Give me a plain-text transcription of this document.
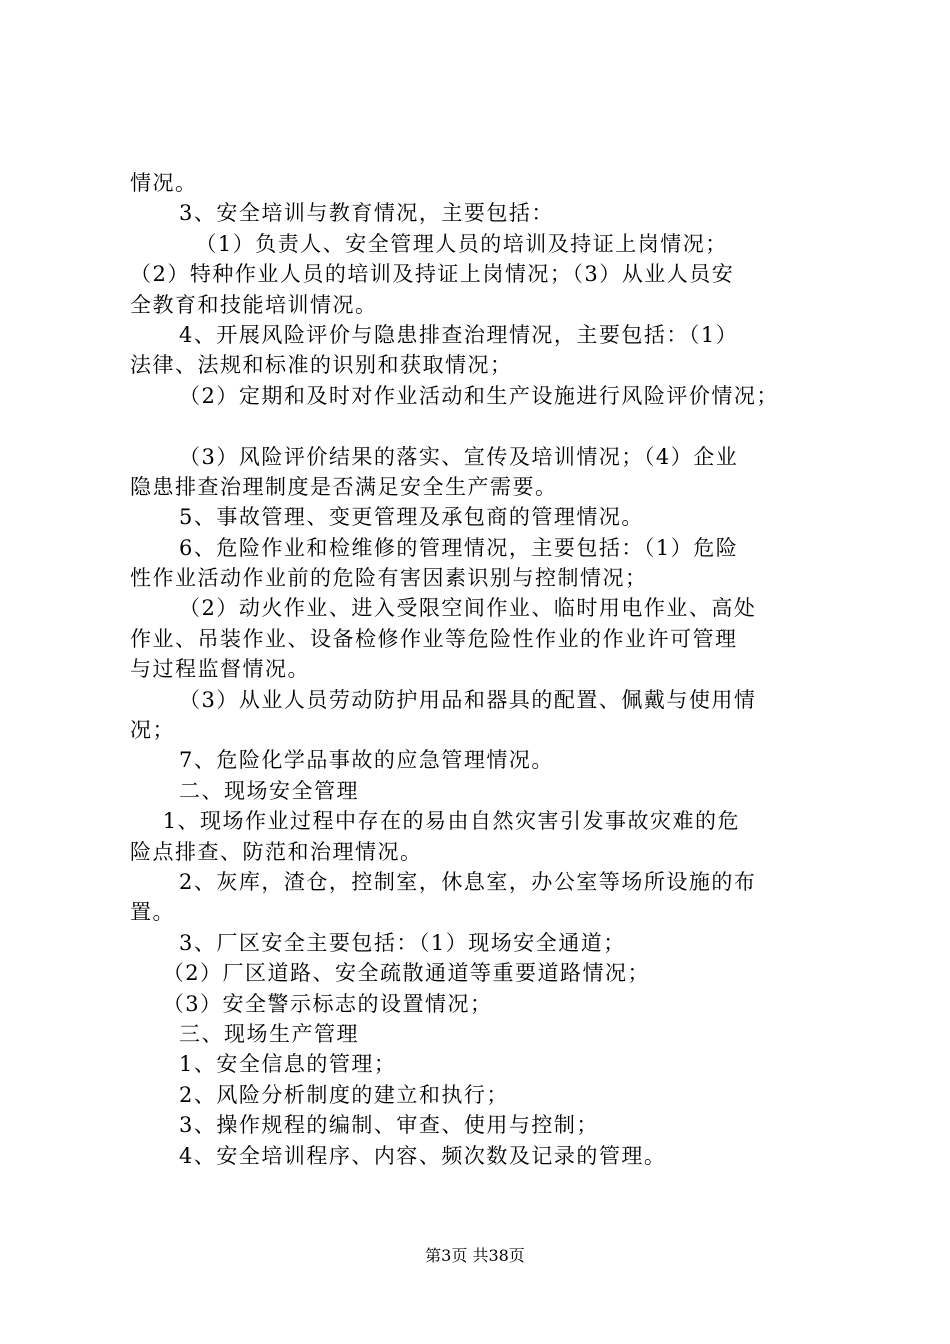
情况。
3、安全培训与教育情况，主要包括：
（1）负责人、安全管理人员的培训及持证上岗情况；
（2）特种作业人员的培训及持证上岗情况；（3）从业人员安
全教育和技能培训情况。
4、开展风险评价与隐患排查治理情况，主要包括：（1）
法律、法规和标准的识别和获取情况；
（2）定期和及时对作业活动和生产设施进行风险评价情况；
（3）风险评价结果的落实、宣传及培训情况；（4）企业
隐患排查治理制度是否满足安全生产需要。
5、事故管理、变更管理及承包商的管理情况。
6、危险作业和检维修的管理情况，主要包括：（1）危险
性作业活动作业前的危险有害因素识别与控制情况；
（2）动火作业、进入受限空间作业、临时用电作业、高处
作业、吊装作业、设备检修作业等危险性作业的作业许可管理
与过程监督情况。
（3）从业人员劳动防护用品和器具的配置、佩戴与使用情
况；
7、危险化学品事故的应急管理情况。
二、现场安全管理
1、现场作业过程中存在的易由自然灾害引发事故灾难的危
险点排查、防范和治理情况。
2、灰库，渣仓，控制室，休息室，办公室等场所设施的布
置。
3、厂区安全主要包括：（1）现场安全通道；
（2）厂区道路、安全疏散通道等重要道路情况；
（3）安全警示标志的设置情况；
三、现场生产管理
1、安全信息的管理；
2、风险分析制度的建立和执行；
3、操作规程的编制、审查、使用与控制；
4、安全培训程序、内容、频次数及记录的管理。
第3页 共38页
